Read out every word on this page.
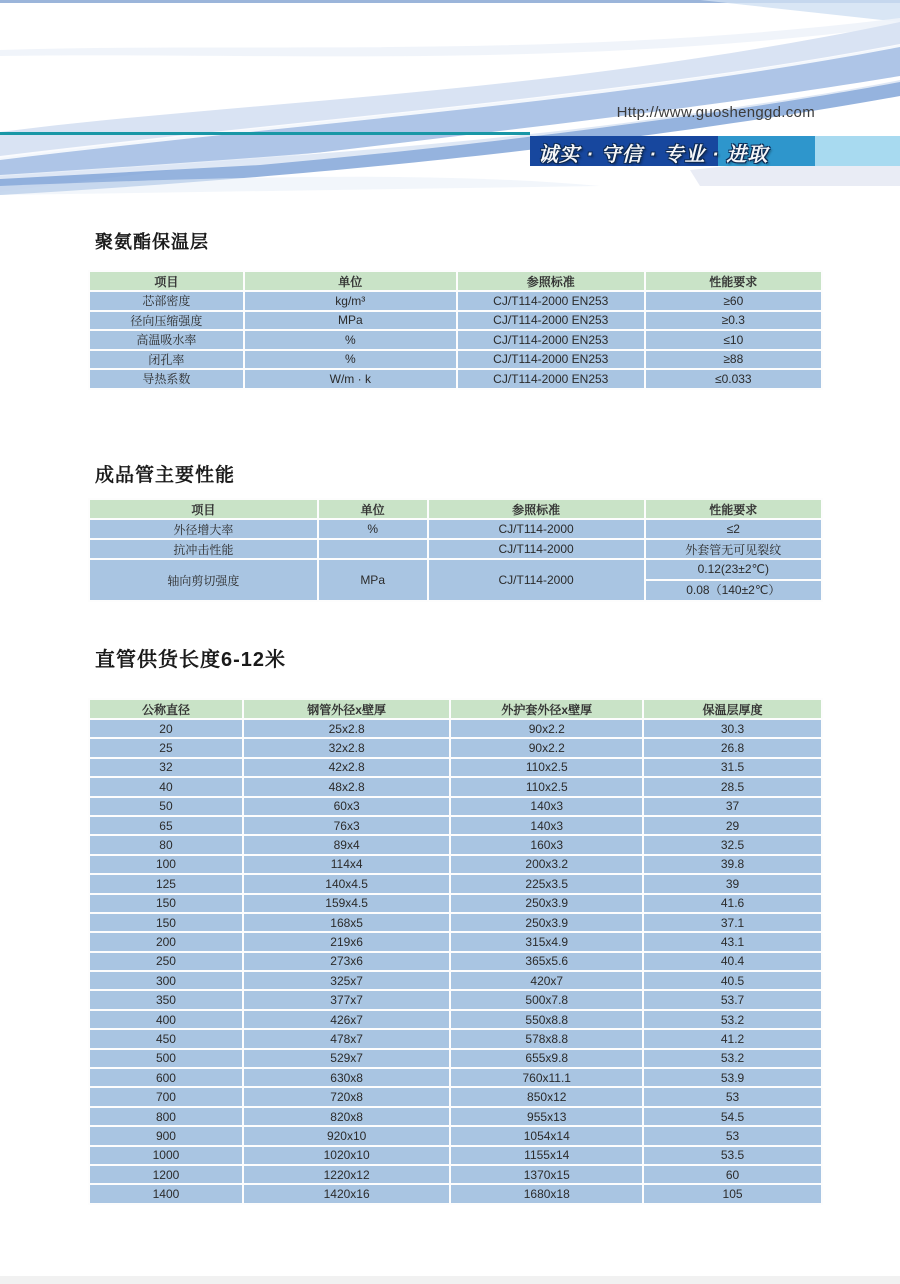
Http://www.guoshenggd.com
诚实 · 守信 · 专业 · 进取
聚氨酯保温层
项目	单位	参照标准	性能要求
芯部密度	kg/m³	CJ/T114-2000 EN253	≥60
径向压缩强度	MPa	CJ/T114-2000 EN253	≥0.3
高温吸水率	%	CJ/T114-2000 EN253	≤10
闭孔率	%	CJ/T114-2000 EN253	≥88
导热系数	W/m · k	CJ/T114-2000 EN253	≤0.033
成品管主要性能
项目	单位	参照标准	性能要求
外径增大率	%	CJ/T114-2000	≤2
抗冲击性能		CJ/T114-2000	外套管无可见裂纹
轴向剪切强度	MPa	CJ/T114-2000	0.12(23±2℃)
0.08（140±2℃）
直管供货长度6-12米
公称直径	钢管外径x壁厚	外护套外径x壁厚	保温层厚度
20	25x2.8	90x2.2	30.3
25	32x2.8	90x2.2	26.8
32	42x2.8	110x2.5	31.5
40	48x2.8	110x2.5	28.5
50	60x3	140x3	37
65	76x3	140x3	29
80	89x4	160x3	32.5
100	114x4	200x3.2	39.8
125	140x4.5	225x3.5	39
150	159x4.5	250x3.9	41.6
150	168x5	250x3.9	37.1
200	219x6	315x4.9	43.1
250	273x6	365x5.6	40.4
300	325x7	420x7	40.5
350	377x7	500x7.8	53.7
400	426x7	550x8.8	53.2
450	478x7	578x8.8	41.2
500	529x7	655x9.8	53.2
600	630x8	760x11.1	53.9
700	720x8	850x12	53
800	820x8	955x13	54.5
900	920x10	1054x14	53
1000	1020x10	1155x14	53.5
1200	1220x12	1370x15	60
1400	1420x16	1680x18	105
